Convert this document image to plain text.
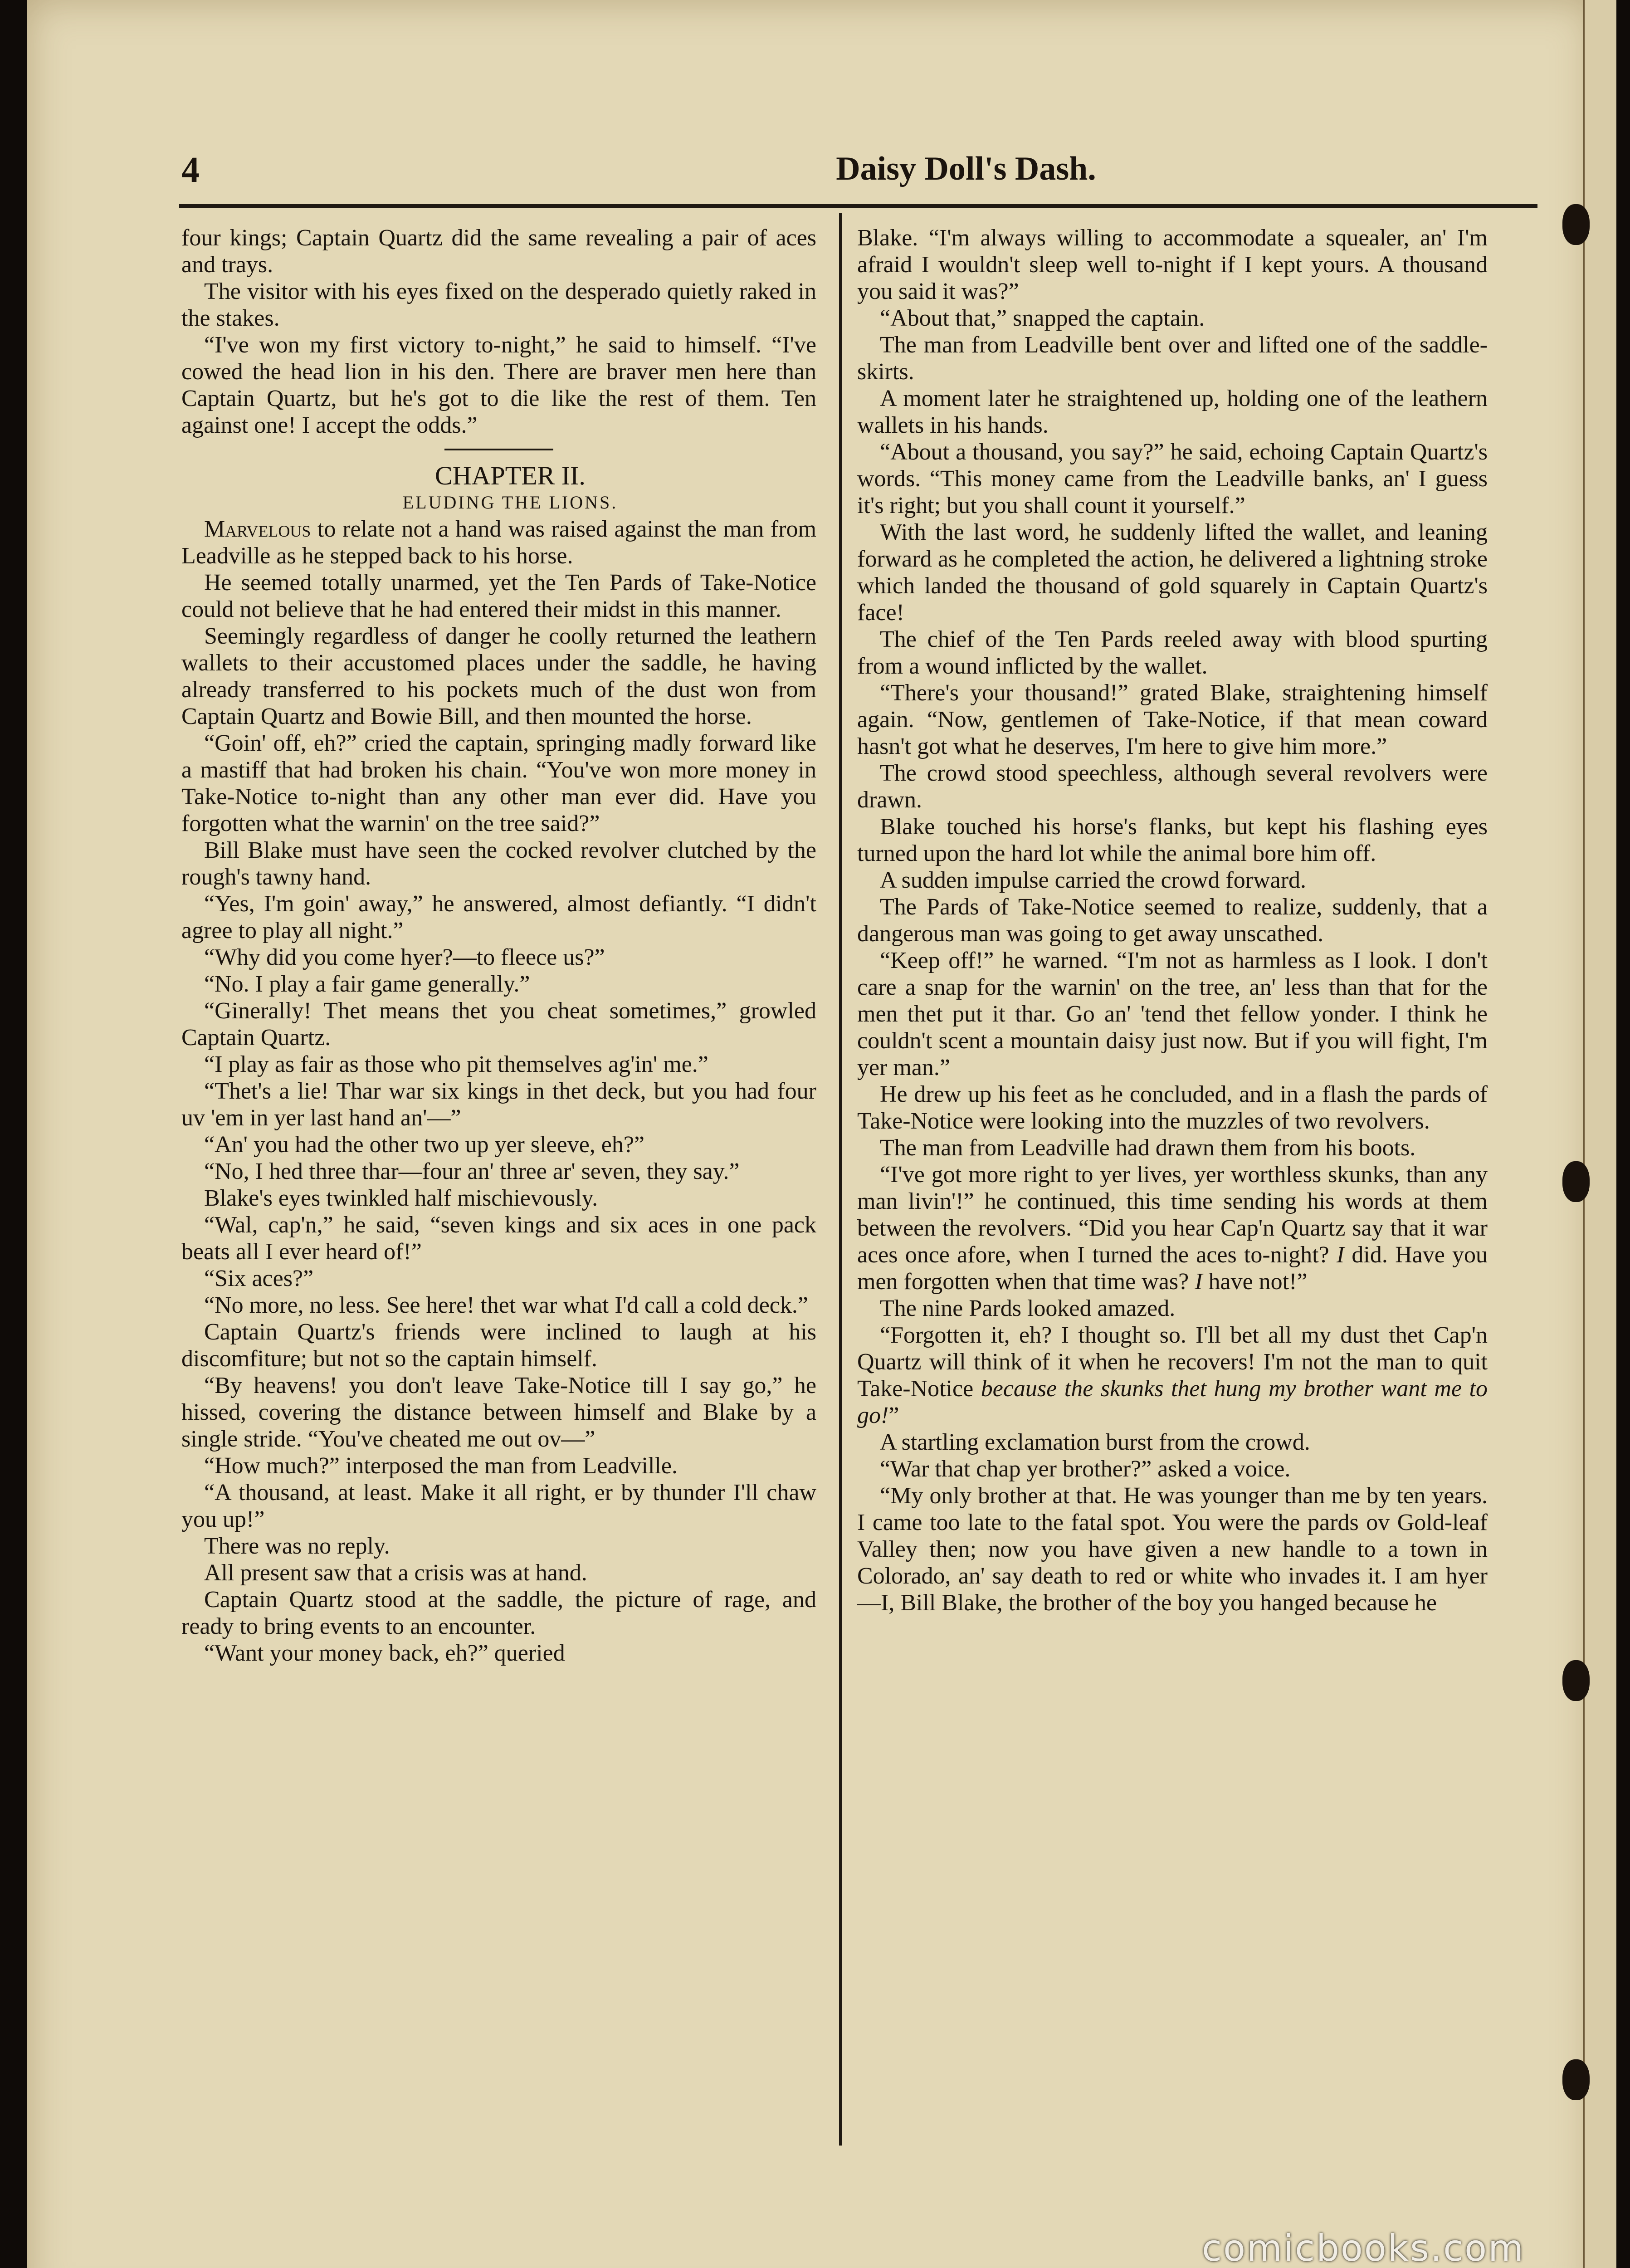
4	Daisy Doll's Dash.

four kings; Captain Quartz did the same revealing a pair of aces and trays.

The visitor with his eyes fixed on the desperado quietly raked in the stakes.

“I've won my first victory to-night,” he said to himself. “I've cowed the head lion in his den. There are braver men here than Captain Quartz, but he's got to die like the rest of them. Ten against one! I accept the odds.”

CHAPTER II.

ELUDING THE LIONS.

Marvelous to relate not a hand was raised against the man from Leadville as he stepped back to his horse.

He seemed totally unarmed, yet the Ten Pards of Take-Notice could not believe that he had entered their midst in this manner.

Seemingly regardless of danger he coolly returned the leathern wallets to their accustomed places under the saddle, he having already transferred to his pockets much of the dust won from Captain Quartz and Bowie Bill, and then mounted the horse.

“Goin' off, eh?” cried the captain, springing madly forward like a mastiff that had broken his chain. “You've won more money in Take-Notice to-night than any other man ever did. Have you forgotten what the warnin' on the tree said?”

Bill Blake must have seen the cocked revolver clutched by the rough's tawny hand.

“Yes, I'm goin' away,” he answered, almost defiantly. “I didn't agree to play all night.”

“Why did you come hyer?—to fleece us?”

“No. I play a fair game generally.”

“Ginerally! Thet means thet you cheat sometimes,” growled Captain Quartz.

“I play as fair as those who pit themselves ag'in' me.”

“Thet's a lie! Thar war six kings in thet deck, but you had four uv 'em in yer last hand an'—”

“An' you had the other two up yer sleeve, eh?”

“No, I hed three thar—four an' three ar' seven, they say.”

Blake's eyes twinkled half mischievously.

“Wal, cap'n,” he said, “seven kings and six aces in one pack beats all I ever heard of!”

“Six aces?”

“No more, no less. See here! thet war what I'd call a cold deck.”

Captain Quartz's friends were inclined to laugh at his discomfiture; but not so the captain himself.

“By heavens! you don't leave Take-Notice till I say go,” he hissed, covering the distance between himself and Blake by a single stride. “You've cheated me out ov—”

“How much?” interposed the man from Leadville.

“A thousand, at least. Make it all right, er by thunder I'll chaw you up!”

There was no reply.

All present saw that a crisis was at hand.

Captain Quartz stood at the saddle, the picture of rage, and ready to bring events to an encounter.

“Want your money back, eh?” queried

Blake. “I'm always willing to accommodate a squealer, an' I'm afraid I wouldn't sleep well to-night if I kept yours. A thousand you said it was?”

“About that,” snapped the captain.

The man from Leadville bent over and lifted one of the saddle-skirts.

A moment later he straightened up, holding one of the leathern wallets in his hands.

“About a thousand, you say?” he said, echoing Captain Quartz's words. “This money came from the Leadville banks, an' I guess it's right; but you shall count it yourself.”

With the last word, he suddenly lifted the wallet, and leaning forward as he completed the action, he delivered a lightning stroke which landed the thousand of gold squarely in Captain Quartz's face!

The chief of the Ten Pards reeled away with blood spurting from a wound inflicted by the wallet.

“There's your thousand!” grated Blake, straightening himself again. “Now, gentlemen of Take-Notice, if that mean coward hasn't got what he deserves, I'm here to give him more.”

The crowd stood speechless, although several revolvers were drawn.

Blake touched his horse's flanks, but kept his flashing eyes turned upon the hard lot while the animal bore him off.

A sudden impulse carried the crowd forward.

The Pards of Take-Notice seemed to realize, suddenly, that a dangerous man was going to get away unscathed.

“Keep off!” he warned. “I'm not as harmless as I look. I don't care a snap for the warnin' on the tree, an' less than that for the men thet put it thar. Go an' 'tend thet fellow yonder. I think he couldn't scent a mountain daisy just now. But if you will fight, I'm yer man.”

He drew up his feet as he concluded, and in a flash the pards of Take-Notice were looking into the muzzles of two revolvers.

The man from Leadville had drawn them from his boots.

“I've got more right to yer lives, yer worthless skunks, than any man livin'!” he continued, this time sending his words at them between the revolvers. “Did you hear Cap'n Quartz say that it war aces once afore, when I turned the aces to-night? I did. Have you men forgotten when that time was? I have not!”

The nine Pards looked amazed.

“Forgotten it, eh? I thought so. I'll bet all my dust thet Cap'n Quartz will think of it when he recovers! I'm not the man to quit Take-Notice because the skunks thet hung my brother want me to go!”

A startling exclamation burst from the crowd.

“War that chap yer brother?” asked a voice.

“My only brother at that. He was younger than me by ten years. I came too late to the fatal spot. You were the pards ov Gold-leaf Valley then; now you have given a new handle to a town in Colorado, an' say death to red or white who invades it. I am hyer—I, Bill Blake, the brother of the boy you hanged because he

comicbooks.com
